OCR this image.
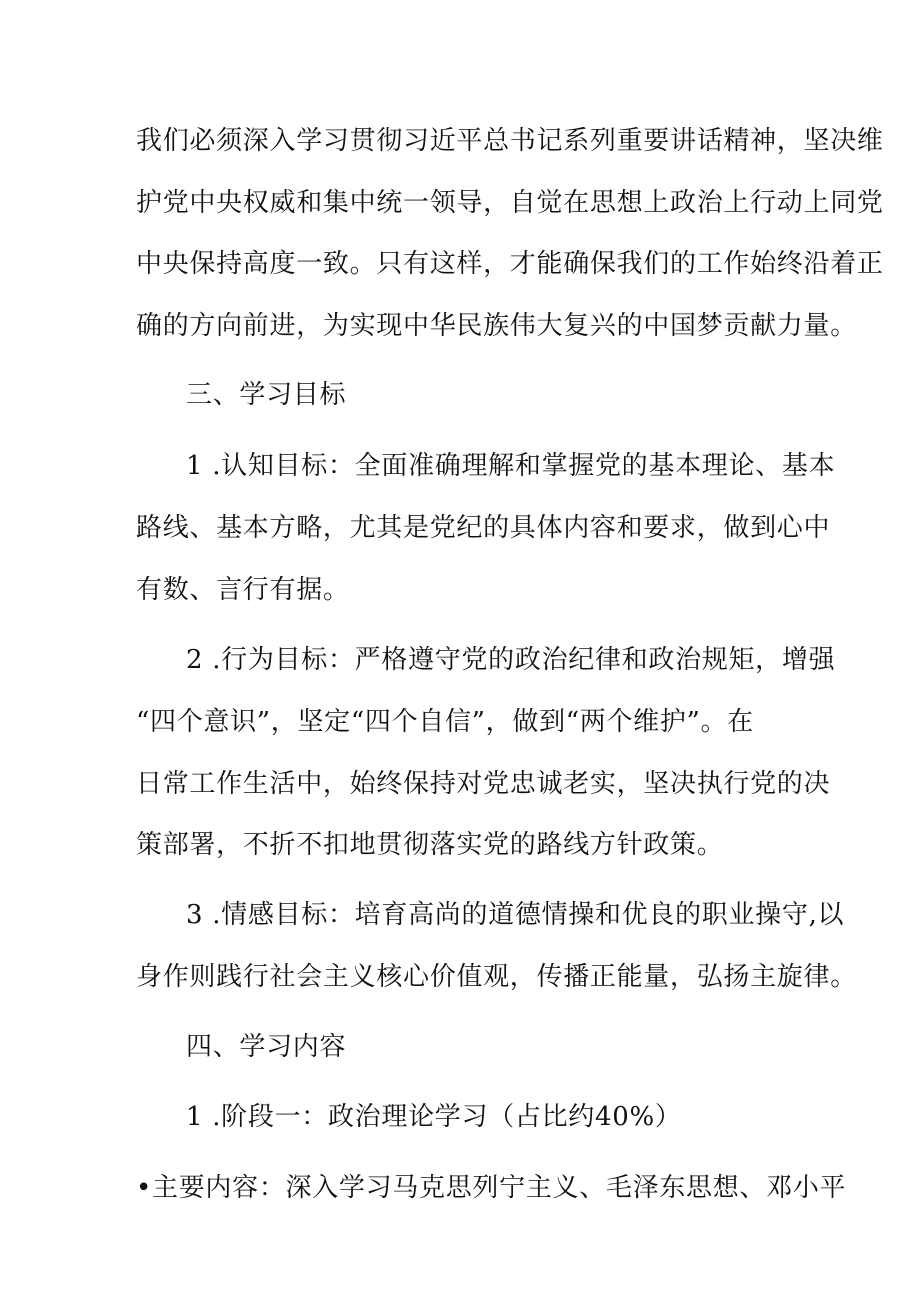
我们必须深入学习贯彻习近平总书记系列重要讲话精神，坚决维
护党中央权威和集中统一领导，自觉在思想上政治上行动上同党
中央保持高度一致。只有这样，才能确保我们的工作始终沿着正
确的方向前进，为实现中华民族伟大复兴的中国梦贡献力量。
三、学习目标
1 .认知目标：全面准确理解和掌握党的基本理论、基本
路线、基本方略，尤其是党纪的具体内容和要求，做到心中
有数、言行有据。
2 .行为目标：严格遵守党的政治纪律和政治规矩，增强
“四个意识”，坚定“四个自信”，做到“两个维护”。在
日常工作生活中，始终保持对党忠诚老实，坚决执行党的决
策部署，不折不扣地贯彻落实党的路线方针政策。
3 .情感目标：培育高尚的道德情操和优良的职业操守,以
身作则践行社会主义核心价值观，传播正能量，弘扬主旋律。
四、学习内容
1 .阶段一：政治理论学习（占比约40%）
•主要内容：深入学习马克思列宁主义、毛泽东思想、邓小平
